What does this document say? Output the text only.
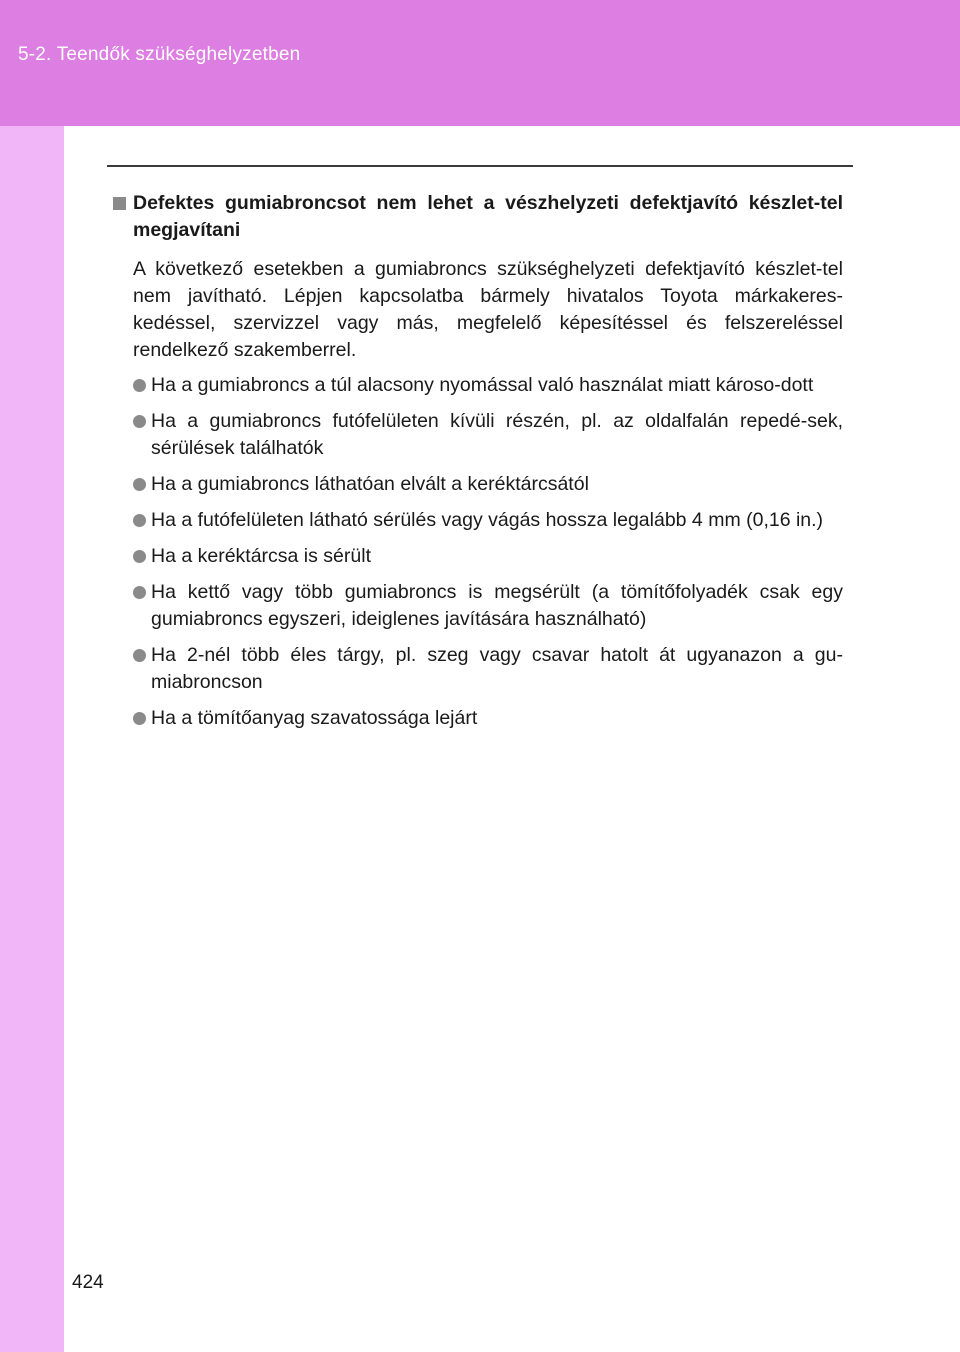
5-2. Teendők szükséghelyzetben

Defektes gumiabroncsot nem lehet a vészhelyzeti defektjavító készlet-tel megjavítani

A következő esetekben a gumiabroncs szükséghelyzeti defektjavító készlet-tel nem javítható. Lépjen kapcsolatba bármely hivatalos Toyota márkakeres-kedéssel, szervizzel vagy más, megfelelő képesítéssel és felszereléssel rendelkező szakemberrel.

Ha a gumiabroncs a túl alacsony nyomással való használat miatt károso-dott
Ha a gumiabroncs futófelületen kívüli részén, pl. az oldalfalán repedé-sek, sérülések találhatók
Ha a gumiabroncs láthatóan elvált a keréktárcsától
Ha a futófelületen látható sérülés vagy vágás hossza legalább 4 mm (0,16 in.)
Ha a keréktárcsa is sérült
Ha kettő vagy több gumiabroncs is megsérült (a tömítőfolyadék csak egy gumiabroncs egyszeri, ideiglenes javítására használható)
Ha 2-nél több éles tárgy, pl. szeg vagy csavar hatolt át ugyanazon a gu-miabroncson
Ha a tömítőanyag szavatossága lejárt
424
